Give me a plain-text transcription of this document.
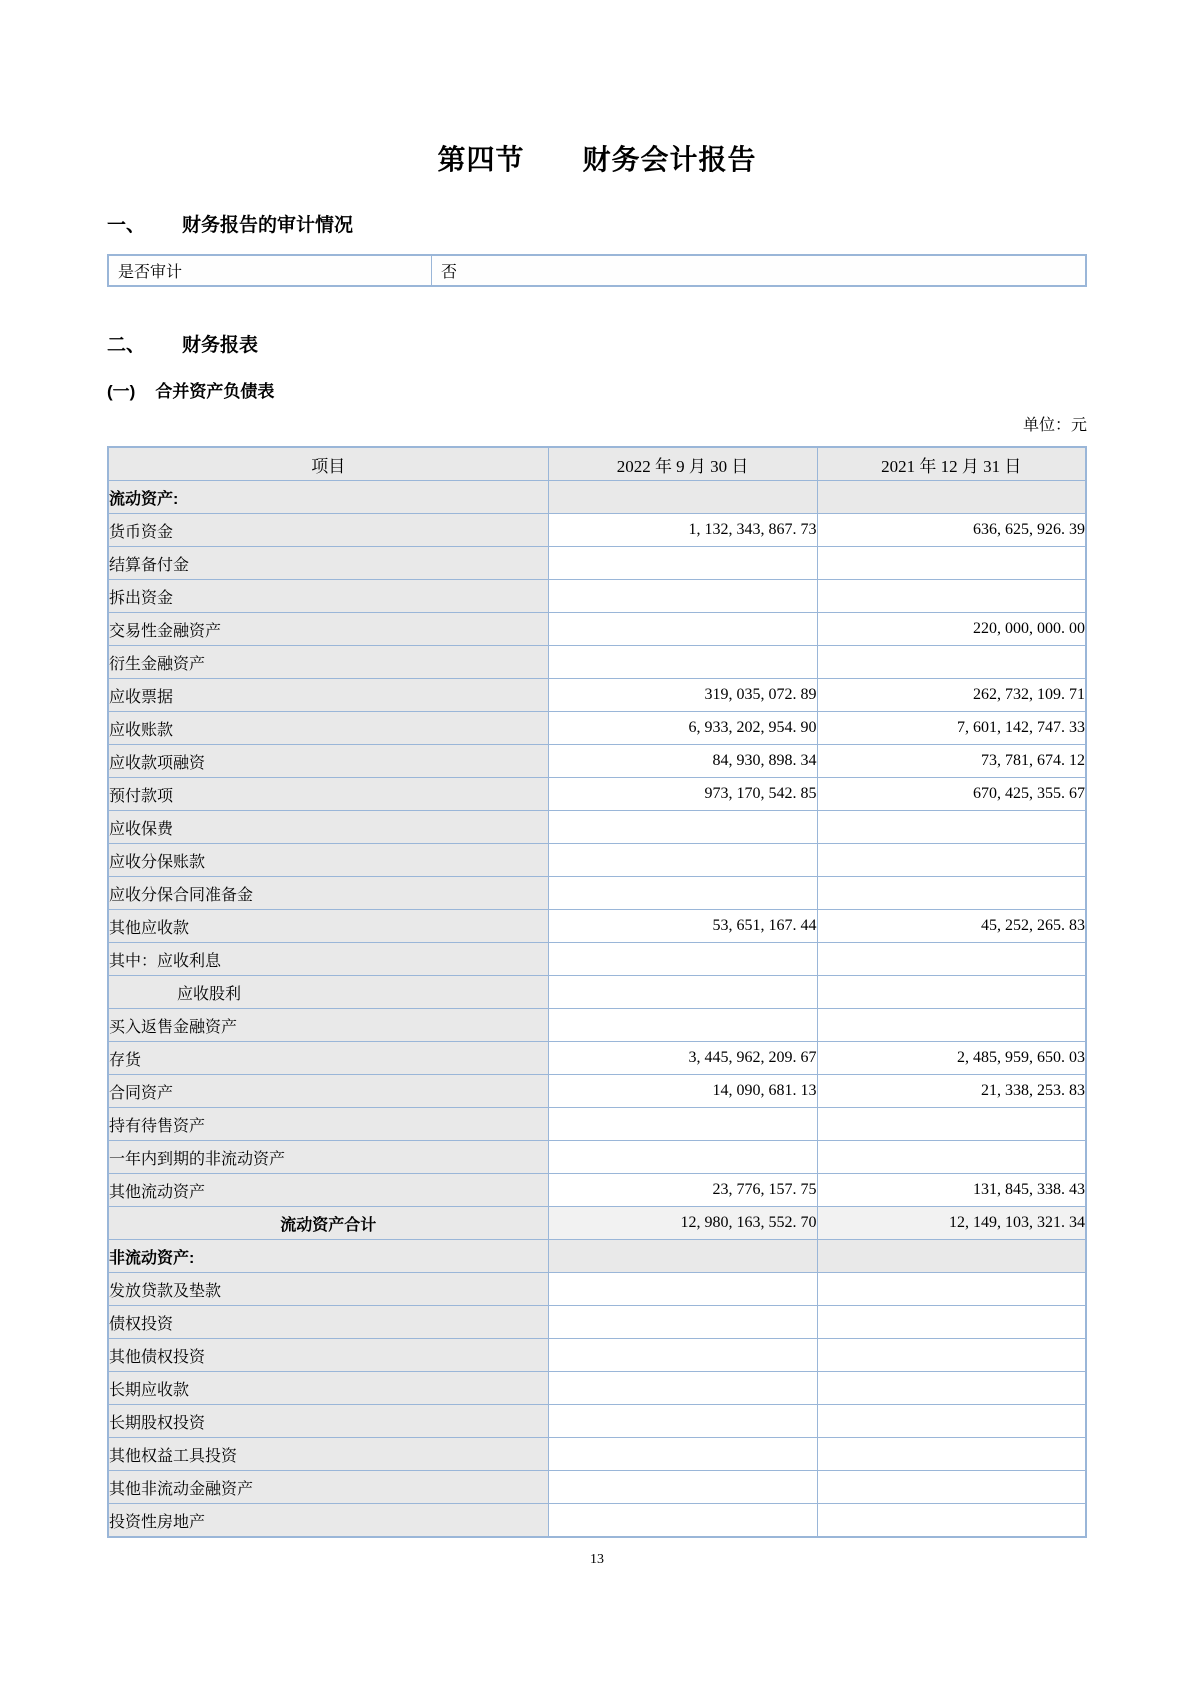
第四节　　财务会计报告
一、 财务报告的审计情况
是否审计	否
二、 财务报表
(一) 合并资产负债表
单位：元
项目	2022 年 9 月 30 日	2021 年 12 月 31 日
流动资产:		
货币资金	1, 132, 343, 867. 73	636, 625, 926. 39
结算备付金		
拆出资金		
交易性金融资产		220, 000, 000. 00
衍生金融资产		
应收票据	319, 035, 072. 89	262, 732, 109. 71
应收账款	6, 933, 202, 954. 90	7, 601, 142, 747. 33
应收款项融资	84, 930, 898. 34	73, 781, 674. 12
预付款项	973, 170, 542. 85	670, 425, 355. 67
应收保费		
应收分保账款		
应收分保合同准备金		
其他应收款	53, 651, 167. 44	45, 252, 265. 83
其中：应收利息		
应收股利		
买入返售金融资产		
存货	3, 445, 962, 209. 67	2, 485, 959, 650. 03
合同资产	14, 090, 681. 13	21, 338, 253. 83
持有待售资产		
一年内到期的非流动资产		
其他流动资产	23, 776, 157. 75	131, 845, 338. 43
流动资产合计	12, 980, 163, 552. 70	12, 149, 103, 321. 34
非流动资产:		
发放贷款及垫款		
债权投资		
其他债权投资		
长期应收款		
长期股权投资		
其他权益工具投资		
其他非流动金融资产		
投资性房地产		
13
